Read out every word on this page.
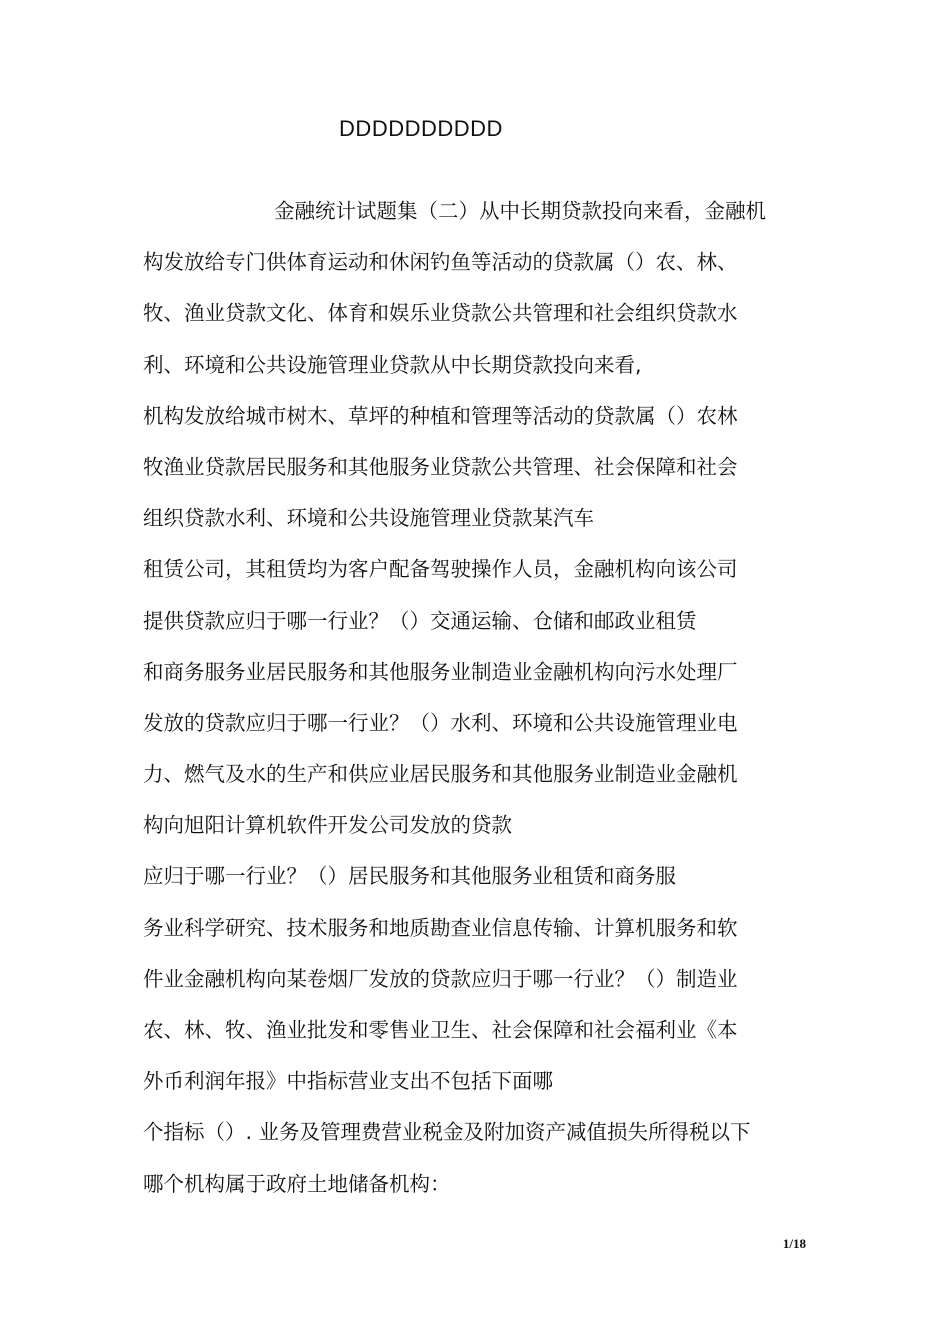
DDDDDDDDDD
金融统计试题集（二）从中长期贷款投向来看，金融机
构发放给专门供体育运动和休闲钓鱼等活动的贷款属（）农、林、
牧、渔业贷款文化、体育和娱乐业贷款公共管理和社会组织贷款水
利、环境和公共设施管理业贷款从中长期贷款投向来看,
机构发放给城市树木、草坪的种植和管理等活动的贷款属（）农林
牧渔业贷款居民服务和其他服务业贷款公共管理、社会保障和社会
组织贷款水利、环境和公共设施管理业贷款某汽车
租赁公司，其租赁均为客户配备驾驶操作人员，金融机构向该公司
提供贷款应归于哪一行业？（）交通运输、仓储和邮政业租赁
和商务服务业居民服务和其他服务业制造业金融机构向污水处理厂
发放的贷款应归于哪一行业？（）水利、环境和公共设施管理业电
力、燃气及水的生产和供应业居民服务和其他服务业制造业金融机
构向旭阳计算机软件开发公司发放的贷款
应归于哪一行业？（）居民服务和其他服务业租赁和商务服
务业科学研究、技术服务和地质勘查业信息传输、计算机服务和软
件业金融机构向某卷烟厂发放的贷款应归于哪一行业？（）制造业
农、林、牧、渔业批发和零售业卫生、社会保障和社会福利业《本
外币利润年报》中指标营业支出不包括下面哪
个指标（）. 业务及管理费营业税金及附加资产减值损失所得税以下
哪个机构属于政府土地储备机构：
1/18
